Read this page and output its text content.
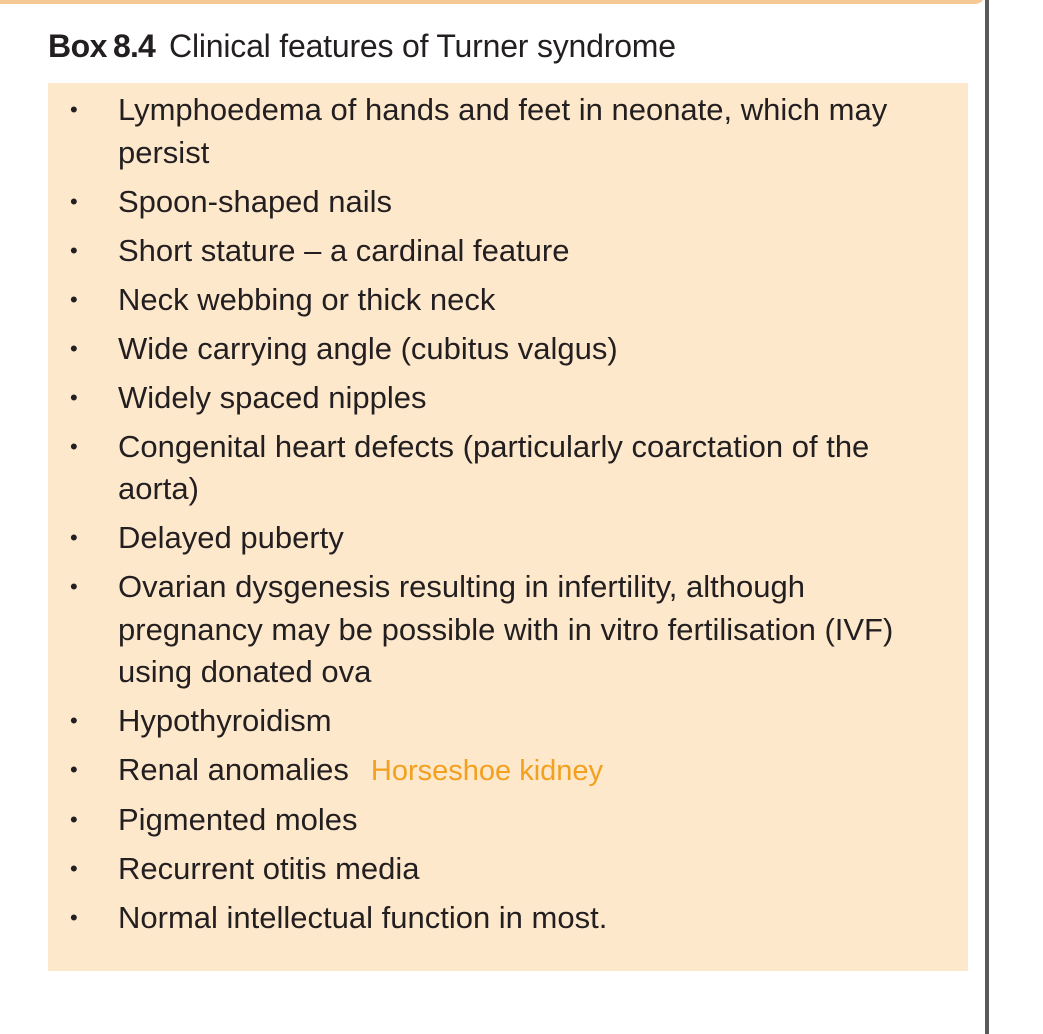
Box 8.4 Clinical features of Turner syndrome
• Lymphoedema of hands and feet in neonate, which may persist
• Spoon-shaped nails
• Short stature – a cardinal feature
• Neck webbing or thick neck
• Wide carrying angle (cubitus valgus)
• Widely spaced nipples
• Congenital heart defects (particularly coarctation of the aorta)
• Delayed puberty
• Ovarian dysgenesis resulting in infertility, although pregnancy may be possible with in vitro fertilisation (IVF) using donated ova
• Hypothyroidism
• Renal anomalies Horseshoe kidney
• Pigmented moles
• Recurrent otitis media
• Normal intellectual function in most.
